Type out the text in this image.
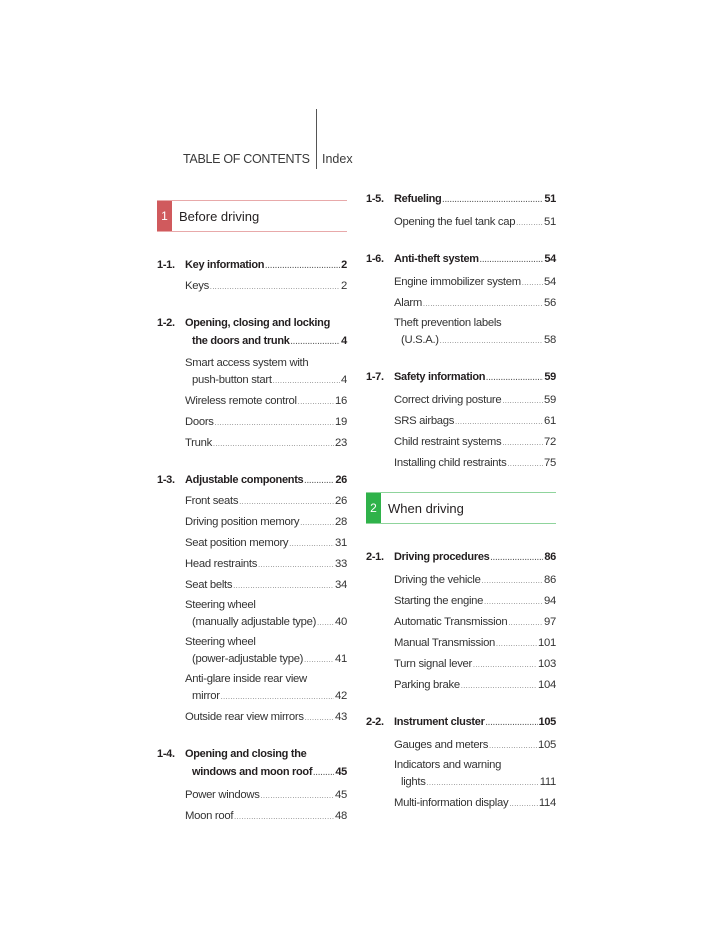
TABLE OF CONTENTS Index
1 Before driving
1-1. Key information .....	2
Keys .....	2
1-2. Opening, closing and locking
the doors and trunk .....	4
Smart access system with
push-button start .....	4
Wireless remote control .....	16
Doors .....	19
Trunk .....	23
1-3. Adjustable components .....	26
Front seats .....	26
Driving position memory .....	28
Seat position memory .....	31
Head restraints .....	33
Seat belts .....	34
Steering wheel
(manually adjustable type) ..... 40
Steering wheel
(power-adjustable type) .....	41
Anti-glare inside rear view
mirror .....	42
Outside rear view mirrors .....	43
1-4. Opening and closing the
windows and moon roof ..... 45
Power windows .....	45
Moon roof .....	48
1-5. Refueling .....	51
Opening the fuel tank cap .....	51
1-6. Anti-theft system .....	54
Engine immobilizer system ..... 54
Alarm .....	56
Theft prevention labels
(U.S.A.) .....	58
1-7. Safety information .....	59
Correct driving posture .....	59
SRS airbags .....	61
Child restraint systems .....	72
Installing child restraints .....	75
2 When driving
2-1. Driving procedures .....	86
Driving the vehicle .....	86
Starting the engine .....	94
Automatic Transmission .....	97
Manual Transmission .....	101
Turn signal lever .....	103
Parking brake .....	104
2-2. Instrument cluster .....	105
Gauges and meters .....	105
Indicators and warning
lights .....	111
Multi-information display .....	114
